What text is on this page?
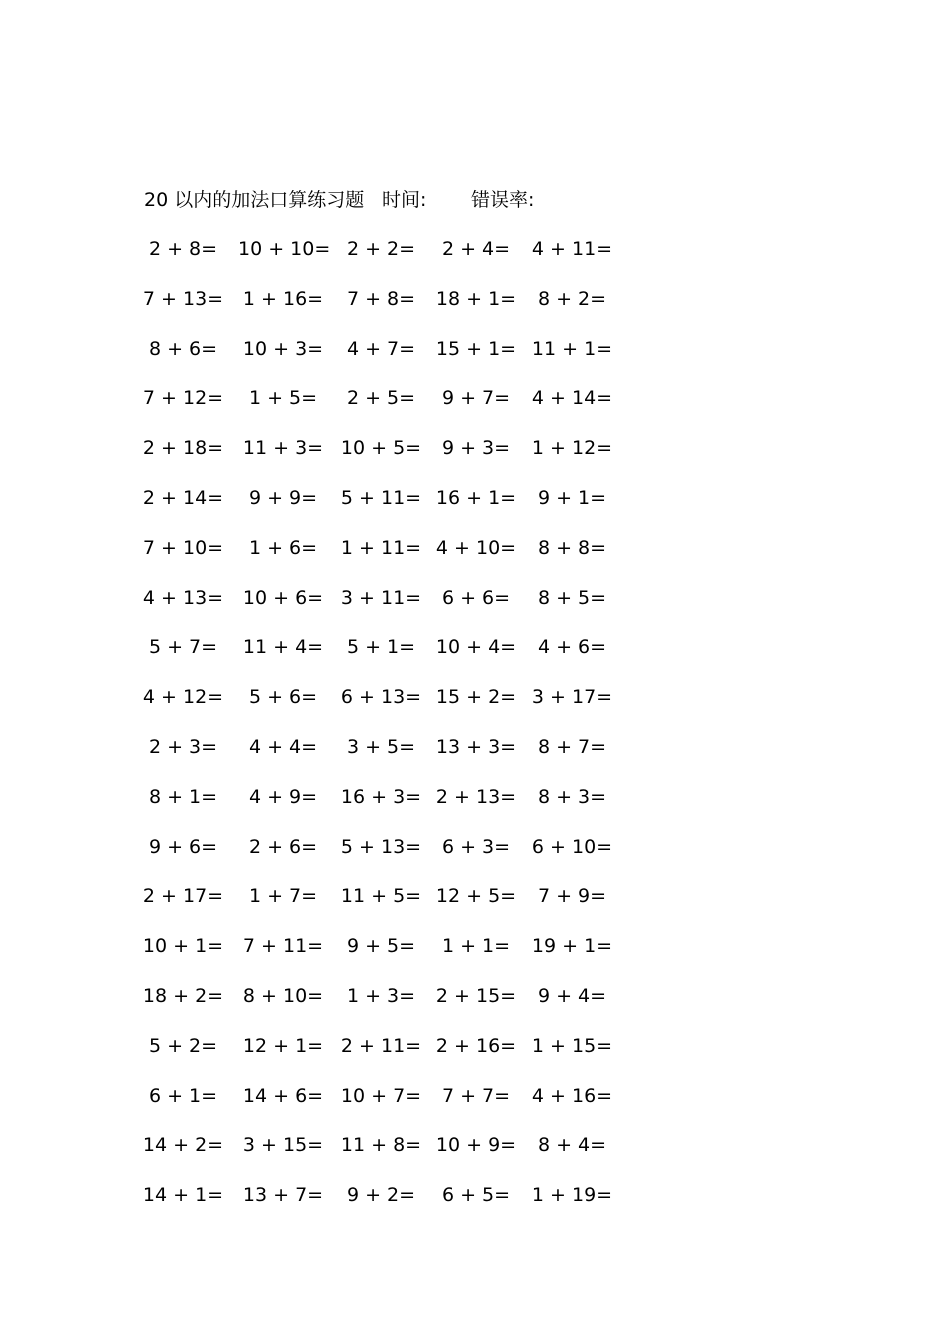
20 以内的加法口算练习题 时间: 错误率:
2 + 8=	10 + 10= 2 + 2=	2 + 4=	4 + 11=
7 + 13= 1 + 16=	7 + 8=	18 + 1=	8 + 2=
8 + 6=	10 + 3=	4 + 7=	15 + 1= 11 + 1=
7 + 12=	1 + 5=	2 + 5=	9 + 7=	4 + 14=
2 + 18= 11 + 3= 10 + 5=	9 + 3=	1 + 12=
2 + 14=	9 + 9=	5 + 11= 16 + 1=	9 + 1=
7 + 10=	1 + 6=	1 + 11= 4 + 10=	8 + 8=
4 + 13= 10 + 6= 3 + 11=	6 + 6=	8 + 5=
5 + 7=	11 + 4=	5 + 1=	10 + 4=	4 + 6=
4 + 12=	5 + 6=	6 + 13= 15 + 2= 3 + 17=
2 + 3=	4 + 4=	3 + 5=	13 + 3=	8 + 7=
8 + 1=	4 + 9=	16 + 3= 2 + 13=	8 + 3=
9 + 6=	2 + 6=	5 + 13=	6 + 3=	6 + 10=
2 + 17=	1 + 7=	11 + 5= 12 + 5=	7 + 9=
10 + 1= 7 + 11=	9 + 5=	1 + 1=	19 + 1=
18 + 2= 8 + 10=	1 + 3=	2 + 15=	9 + 4=
5 + 2=	12 + 1= 2 + 11= 2 + 16= 1 + 15=
6 + 1=	14 + 6= 10 + 7=	7 + 7=	4 + 16=
14 + 2= 3 + 15= 11 + 8= 10 + 9=	8 + 4=
14 + 1= 13 + 7=	9 + 2=	6 + 5=	1 + 19=
